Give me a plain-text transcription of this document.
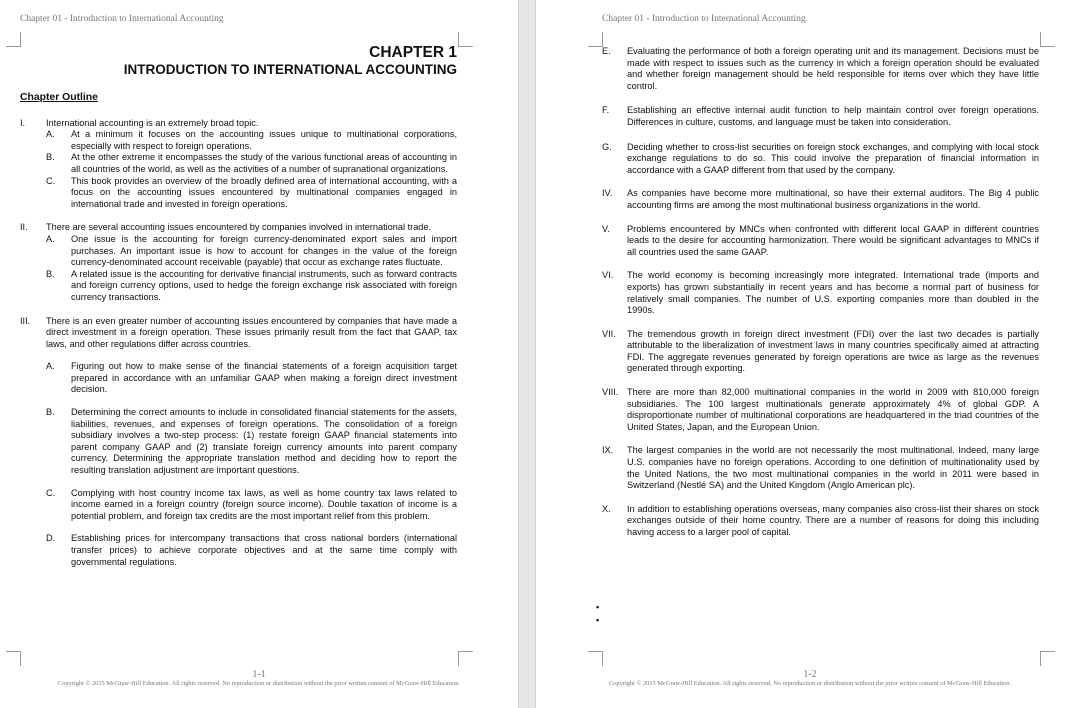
Chapter 01 - Introduction to International Accounting
CHAPTER 1
INTRODUCTION TO INTERNATIONAL ACCOUNTING
Chapter Outline
I. International accounting is an extremely broad topic.
A. At a minimum it focuses on the accounting issues unique to multinational corporations, especially with respect to foreign operations.
B. At the other extreme it encompasses the study of the various functional areas of accounting in all countries of the world, as well as the activities of a number of supranational organizations.
C. This book provides an overview of the broadly defined area of international accounting, with a focus on the accounting issues encountered by multinational companies engaged in international trade and invested in foreign operations.
II. There are several accounting issues encountered by companies involved in international trade.
A. One issue is the accounting for foreign currency-denominated export sales and import purchases. An important issue is how to account for changes in the value of the foreign currency-denominated account receivable (payable) that occur as exchange rates fluctuate.
B. A related issue is the accounting for derivative financial instruments, such as forward contracts and foreign currency options, used to hedge the foreign exchange risk associated with foreign currency transactions.
III. There is an even greater number of accounting issues encountered by companies that have made a direct investment in a foreign operation. These issues primarily result from the fact that GAAP, tax laws, and other regulations differ across countries.
A. Figuring out how to make sense of the financial statements of a foreign acquisition target prepared in accordance with an unfamiliar GAAP when making a foreign direct investment decision.
B. Determining the correct amounts to include in consolidated financial statements for the assets, liabilities, revenues, and expenses of foreign operations. The consolidation of a foreign subsidiary involves a two-step process: (1) restate foreign GAAP financial statements into parent company GAAP and (2) translate foreign currency amounts into parent company currency. Determining the appropriate translation method and deciding how to report the resulting translation adjustment are important questions.
C. Complying with host country income tax laws, as well as home country tax laws related to income earned in a foreign country (foreign source income). Double taxation of income is a potential problem, and foreign tax credits are the most important relief from this problem.
D. Establishing prices for intercompany transactions that cross national borders (international transfer prices) to achieve corporate objectives and at the same time comply with governmental regulations.
1-1
Copyright © 2015 McGraw-Hill Education. All rights reserved. No reproduction or distribution without the prior written consent of McGraw-Hill Education.
Chapter 01 - Introduction to International Accounting
E. Evaluating the performance of both a foreign operating unit and its management. Decisions must be made with respect to issues such as the currency in which a foreign operation should be evaluated and whether foreign management should be held responsible for items over which they have little control.
F. Establishing an effective internal audit function to help maintain control over foreign operations. Differences in culture, customs, and language must be taken into consideration.
G. Deciding whether to cross-list securities on foreign stock exchanges, and complying with local stock exchange regulations to do so. This could involve the preparation of financial information in accordance with a GAAP different from that used by the company.
IV. As companies have become more multinational, so have their external auditors. The Big 4 public accounting firms are among the most multinational business organizations in the world.
V. Problems encountered by MNCs when confronted with different local GAAP in different countries leads to the desire for accounting harmonization. There would be significant advantages to MNCs if all countries used the same GAAP.
VI. The world economy is becoming increasingly more integrated. International trade (imports and exports) has grown substantially in recent years and has become a normal part of business for relatively small companies. The number of U.S. exporting companies more than doubled in the 1990s.
VII. The tremendous growth in foreign direct investment (FDI) over the last two decades is partially attributable to the liberalization of investment laws in many countries specifically aimed at attracting FDI. The aggregate revenues generated by foreign operations are twice as large as the revenues generated through exporting.
VIII. There are more than 82,000 multinational companies in the world in 2009 with 810,000 foreign subsidiaries. The 100 largest multinationals generate approximately 4% of global GDP. A disproportionate number of multinational corporations are headquartered in the triad countries of the United States, Japan, and the European Union.
IX. The largest companies in the world are not necessarily the most multinational. Indeed, many large U.S. companies have no foreign operations. According to one definition of multinationality used by the United Nations, the two most multinational companies in the world in 2011 were based in Switzerland (Nestlé SA) and the United Kingdom (Anglo American plc).
X. In addition to establishing operations overseas, many companies also cross-list their shares on stock exchanges outside of their home country. There are a number of reasons for doing this including having access to a larger pool of capital.
▪
▪
1-2
Copyright © 2015 McGraw-Hill Education. All rights reserved. No reproduction or distribution without the prior written consent of McGraw-Hill Education.
